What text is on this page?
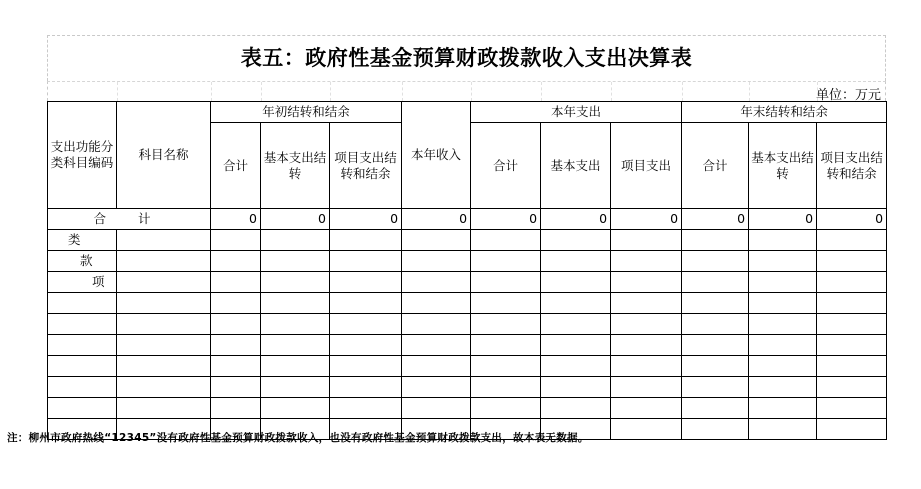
表五：政府性基金预算财政拨款收入支出决算表
单位：万元
支出功能分类科目编码	科目名称	年初结转和结余			本年收入	本年支出			年末结转和结余		
		合计	基本支出结转	项目支出结转和结余		合计	基本支出	项目支出	合计	基本支出结转	项目支出结转和结余
合 计		0	0	0	0	0	0	0	0	0	0
类											
款											
项											

注：柳州市政府热线“12345”没有政府性基金预算财政拨款收入，也没有政府性基金预算财政拨款支出，故本表无数据。
